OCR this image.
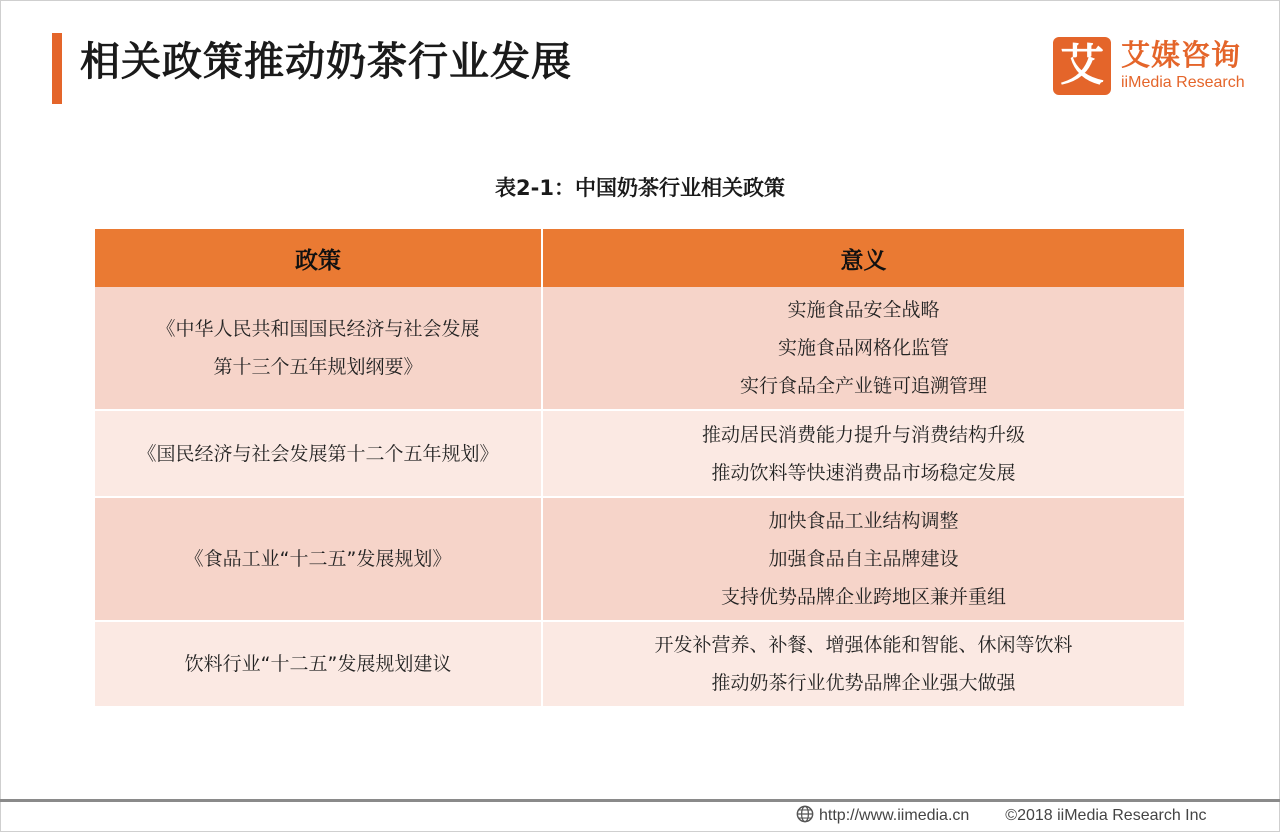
相关政策推动奶茶行业发展	艾 艾媒咨询
iiMedia Research
表2-1：中国奶茶行业相关政策
政策	意义

《中华人民共和国国民经济与社会发展
第十三个五年规划纲要》	实施食品安全战略
实施食品网格化监管
实行食品全产业链可追溯管理

《国民经济与社会发展第十二个五年规划》	推动居民消费能力提升与消费结构升级
推动饮料等快速消费品市场稳定发展

《食品工业“十二五”发展规划》	加快食品工业结构调整
加强食品自主品牌建设
支持优势品牌企业跨地区兼并重组

饮料行业“十二五”发展规划建议	开发补营养、补餐、增强体能和智能、休闲等饮料
推动奶茶行业优势品牌企业强大做强
http://www.iimedia.cn ©2018 iiMedia Research Inc
